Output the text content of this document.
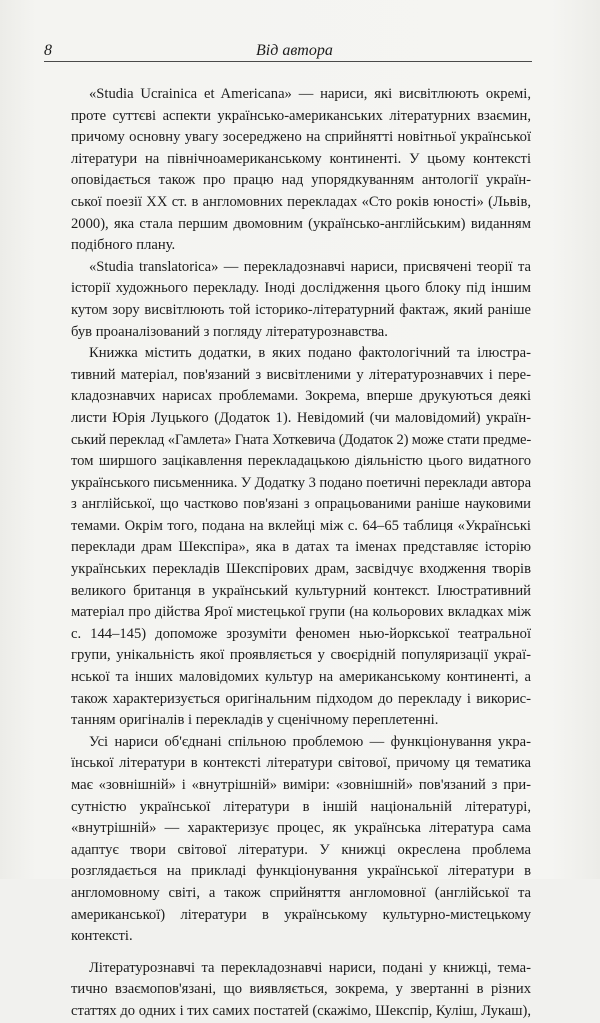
8	Від автора
«Studia Ucrainica et Americana» — нариси, які висвітлюють окремі,
проте суттєві аспекти українсько-американських літературних взаємин,
причому основну увагу зосереджено на сприйнятті новітньої української
літератури на північноамериканському континенті. У цьому контексті
оповідається також про працю над упорядкуванням антології україн-
ської поезії XX ст. в англомовних перекладах «Сто років юності» (Львів,
2000), яка стала першим двомовним (українсько-англійським) виданням
подібного плану.
«Studia translatorica» — перекладознавчі нариси, присвячені теорії та
історії художнього перекладу. Іноді дослідження цього блоку під іншим
кутом зору висвітлюють той історико-літературний фактаж, який раніше
був проаналізований з погляду літературознавства.
Книжка містить додатки, в яких подано фактологічний та ілюстра-
тивний матеріал, пов'язаний з висвітленими у літературознавчих і пере-
кладознавчих нарисах проблемами. Зокрема, вперше друкуються деякі
листи Юрія Луцького (Додаток 1). Невідомий (чи маловідомий) україн-
ський переклад «Гамлета» Гната Хоткевича (Додаток 2) може стати предме-
том ширшого зацікавлення перекладацькою діяльністю цього видатного
українського письменника. У Додатку 3 подано поетичні переклади автора
з англійської, що частково пов'язані з опрацьованими раніше науковими
темами. Окрім того, подана на вклейці між с. 64–65 таблиця «Українські
переклади драм Шекспіра», яка в датах та іменах представляє історію
українських перекладів Шекспірових драм, засвідчує входження творів
великого британця в український культурний контекст. Ілюстративний
матеріал про дійства Ярої мистецької групи (на кольорових вкладках між
с. 144–145) допоможе зрозуміти феномен нью-йоркської театральної
групи, унікальність якої проявляється у своєрідній популяризації украї-
нської та інших маловідомих культур на американському континенті, а
також характеризується оригінальним підходом до перекладу і викорис-
танням оригіналів і перекладів у сценічному переплетенні.
Усі нариси об'єднані спільною проблемою — функціонування укра-
їнської літератури в контексті літератури світової, причому ця тематика
має «зовнішній» і «внутрішній» виміри: «зовнішній» пов'язаний з при-
сутністю української літератури в іншій національній літературі,
«внутрішній» — характеризує процес, як українська література сама
адаптує твори світової літератури. У книжці окреслена проблема
розглядається на прикладі функціонування української літератури в
англомовному світі, а також сприйняття англомовної (англійської та
американської) літератури в українському культурно-мистецькому
контексті.
Літературознавчі та перекладознавчі нариси, подані у книжці, тема-
тично взаємопов'язані, що виявляється, зокрема, у звертанні в різних
статтях до одних і тих самих постатей (скажімо, Шекспір, Куліш, Лукаш),
